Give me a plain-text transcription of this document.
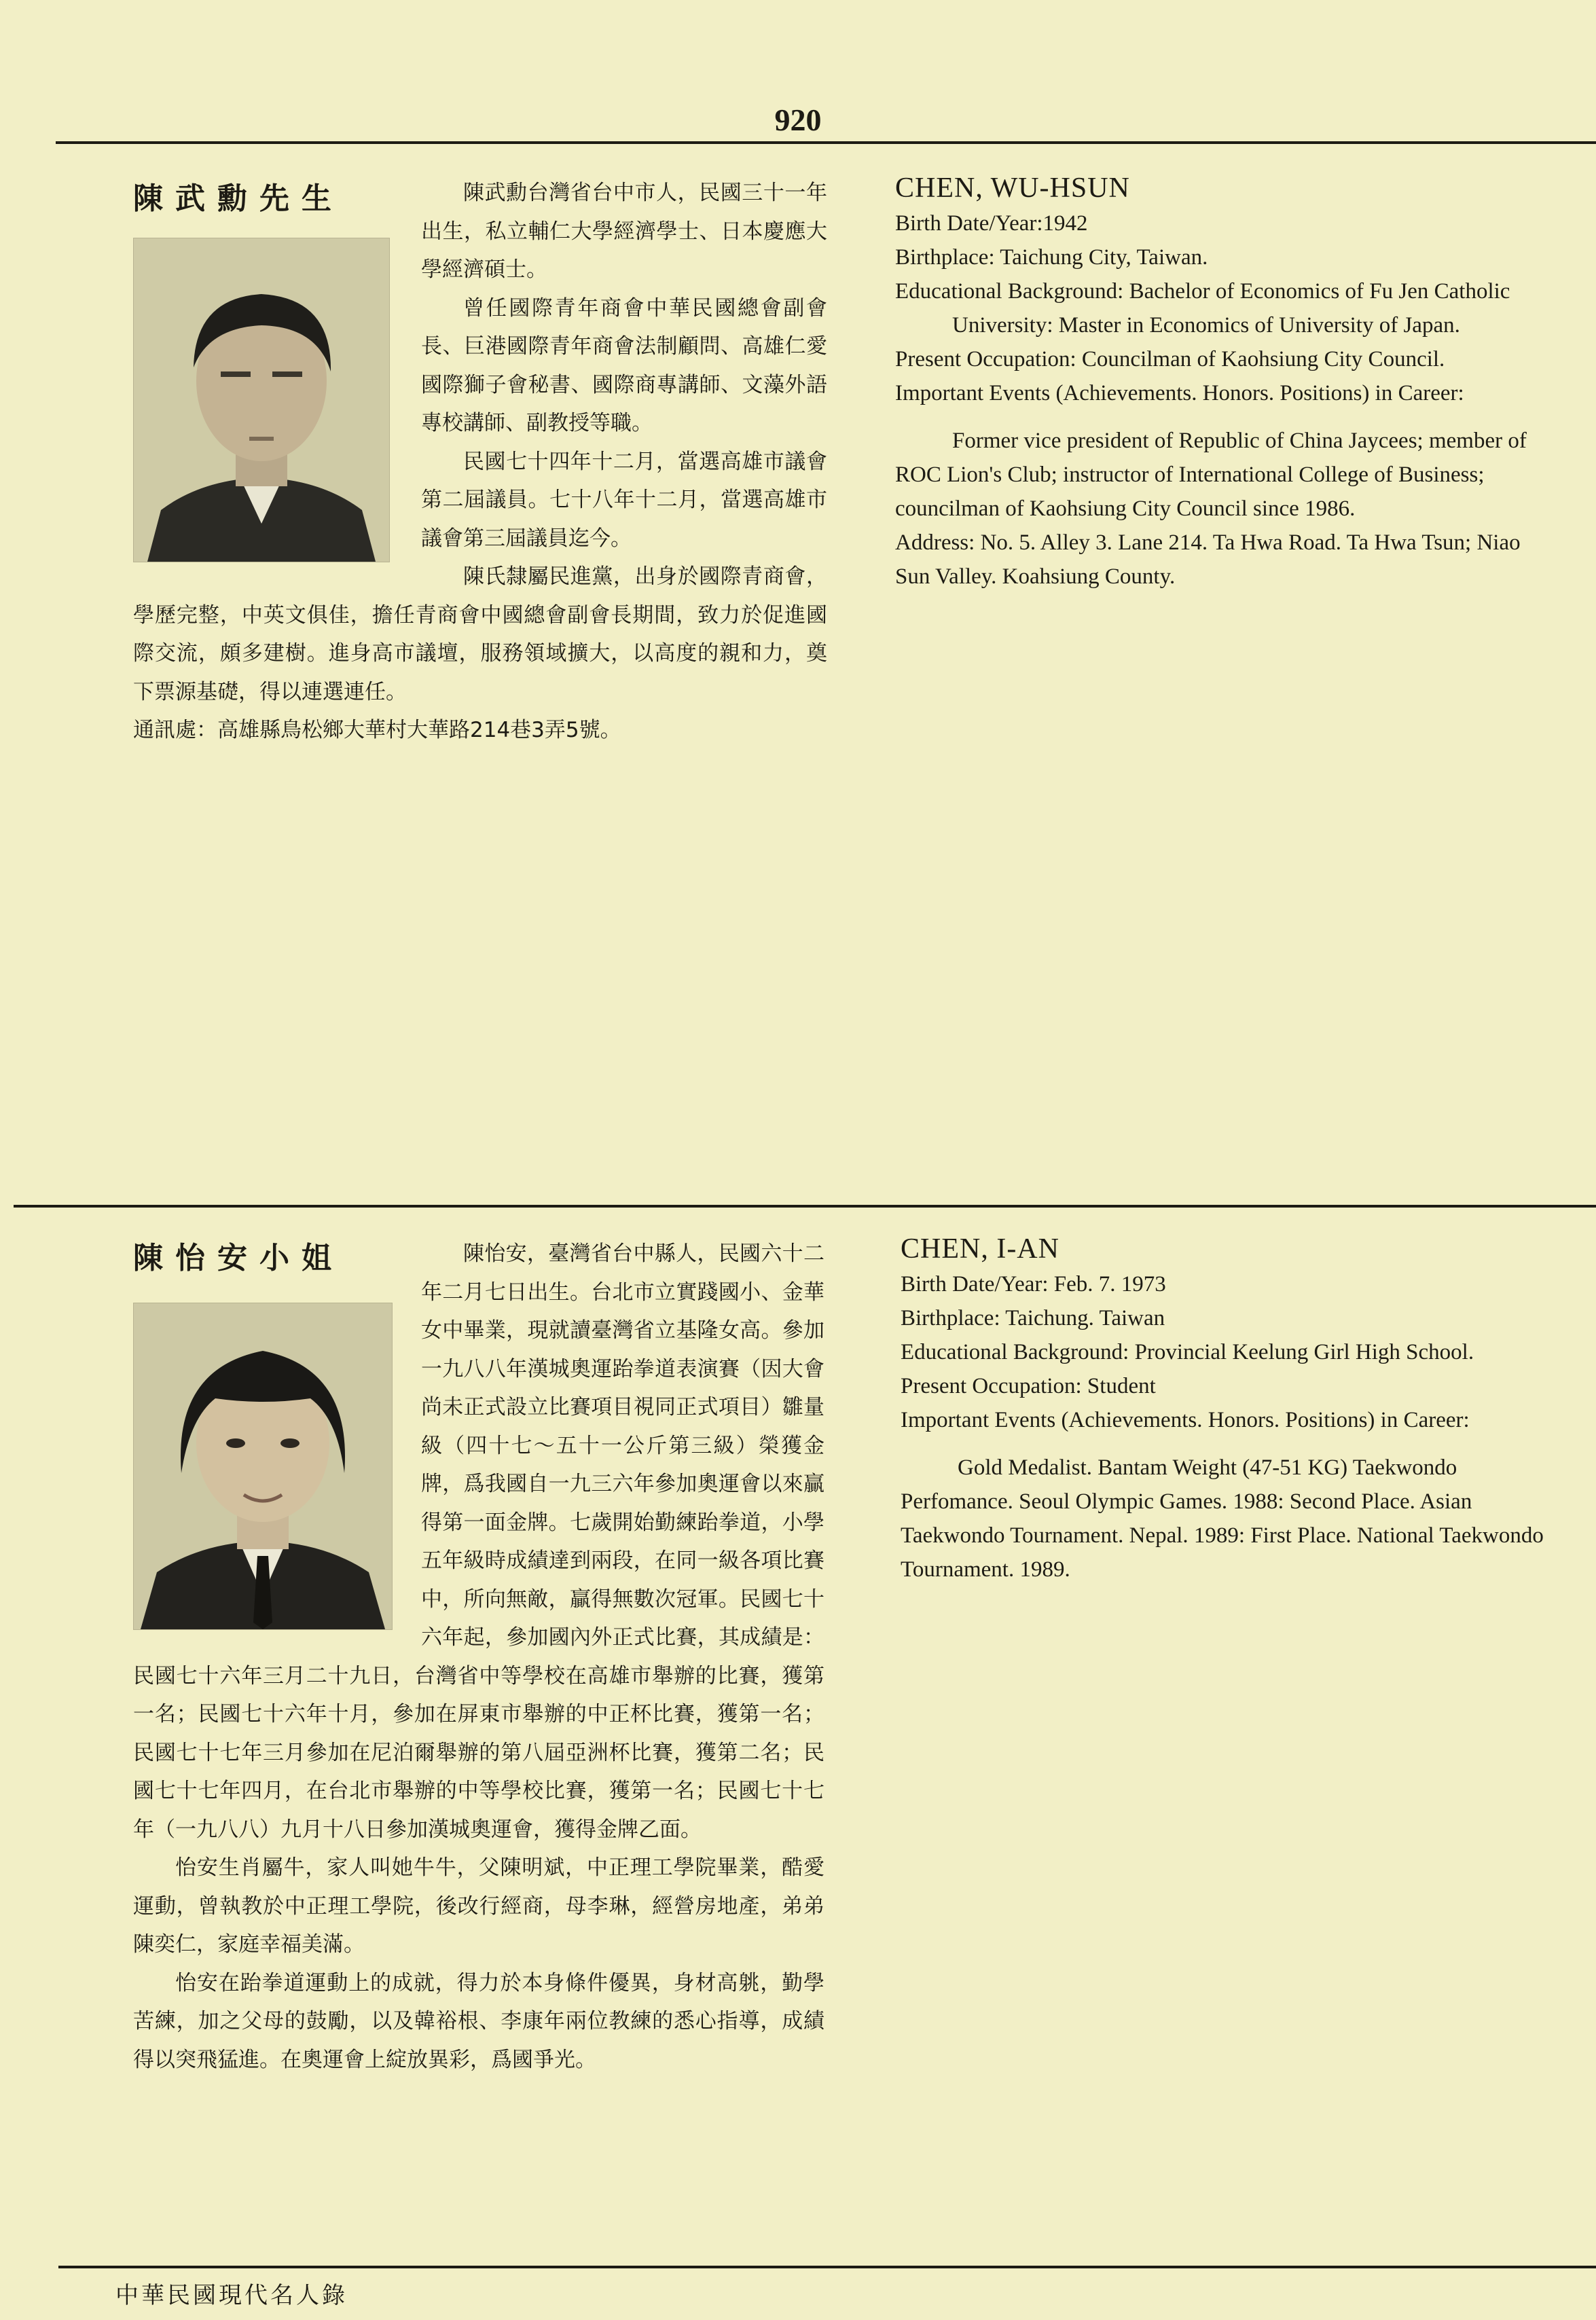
920
陳武勳先生	陳武勳台灣省台中市人，民國三十一年出生，私立輔仁大學經濟學士、日本慶應大學經濟碩士。

曾任國際青年商會中華民國總會副會長、巨港國際青年商會法制顧問、高雄仁愛國際獅子會秘書、國際商專講師、文藻外語專校講師、副教授等職。

民國七十四年十二月，當選高雄市議會第二屆議員。七十八年十二月，當選高雄市議會第三屆議員迄今。

陳氏隸屬民進黨，出身於國際青商會，學歷完整，中英文俱佳，擔任青商會中國總會副會長期間，致力於促進國際交流，頗多建樹。進身高市議壇，服務領域擴大，以高度的親和力，奠下票源基礎，得以連選連任。

通訊處：高雄縣鳥松鄉大華村大華路214巷3弄5號。

CHEN, WU-HSUN

Birth Date/Year:1942

Birthplace: Taichung City, Taiwan.

Educational Background: Bachelor of Economics of Fu Jen Catholic University: Master in Economics of University of Japan.

Present Occupation: Councilman of Kaohsiung City Council.

Important Events (Achievements. Honors. Positions) in Career:

Former vice president of Republic of China Jaycees; member of ROC Lion's Club; instructor of International College of Business; councilman of Kaohsiung City Council since 1986.

Address: No. 5. Alley 3. Lane 214. Ta Hwa Road. Ta Hwa Tsun; Niao Sun Valley. Koahsiung County.

陳怡安小姐	陳怡安，臺灣省台中縣人，民國六十二年二月七日出生。台北市立實踐國小、金華女中畢業，現就讀臺灣省立基隆女高。參加一九八八年漢城奧運跆拳道表演賽（因大會尚未正式設立比賽項目視同正式項目）雛量級（四十七～五十一公斤第三級）榮獲金牌，爲我國自一九三六年參加奧運會以來贏得第一面金牌。七歲開始勤練跆拳道，小學五年級時成績達到兩段，在同一級各項比賽中，所向無敵，贏得無數次冠軍。民國七十六年起，參加國內外正式比賽，其成績是：民國七十六年三月二十九日，台灣省中等學校在高雄市舉辦的比賽，獲第一名；民國七十六年十月，參加在屏東市舉辦的中正杯比賽，獲第一名；民國七十七年三月參加在尼泊爾舉辦的第八屆亞洲杯比賽，獲第二名；民國七十七年四月，在台北市舉辦的中等學校比賽，獲第一名；民國七十七年（一九八八）九月十八日參加漢城奧運會，獲得金牌乙面。

怡安生肖屬牛，家人叫她牛牛，父陳明斌，中正理工學院畢業，酷愛運動，曾執教於中正理工學院，後改行經商，母李琳，經營房地產，弟弟陳奕仁，家庭幸福美滿。

怡安在跆拳道運動上的成就，得力於本身條件優異，身材高䠷，勤學苦練，加之父母的鼓勵，以及韓裕根、李康年兩位教練的悉心指導，成績得以突飛猛進。在奧運會上綻放異彩，爲國爭光。

CHEN, I-AN

Birth Date/Year: Feb. 7. 1973

Birthplace: Taichung. Taiwan

Educational Background: Provincial Keelung Girl High School.

Present Occupation: Student

Important Events (Achievements. Honors. Positions) in Career:

Gold Medalist. Bantam Weight (47-51 KG) Taekwondo Perfomance. Seoul Olympic Games. 1988: Second Place. Asian Taekwondo Tournament. Nepal. 1989: First Place. National Taekwondo Tournament. 1989.

中華民國現代名人錄
